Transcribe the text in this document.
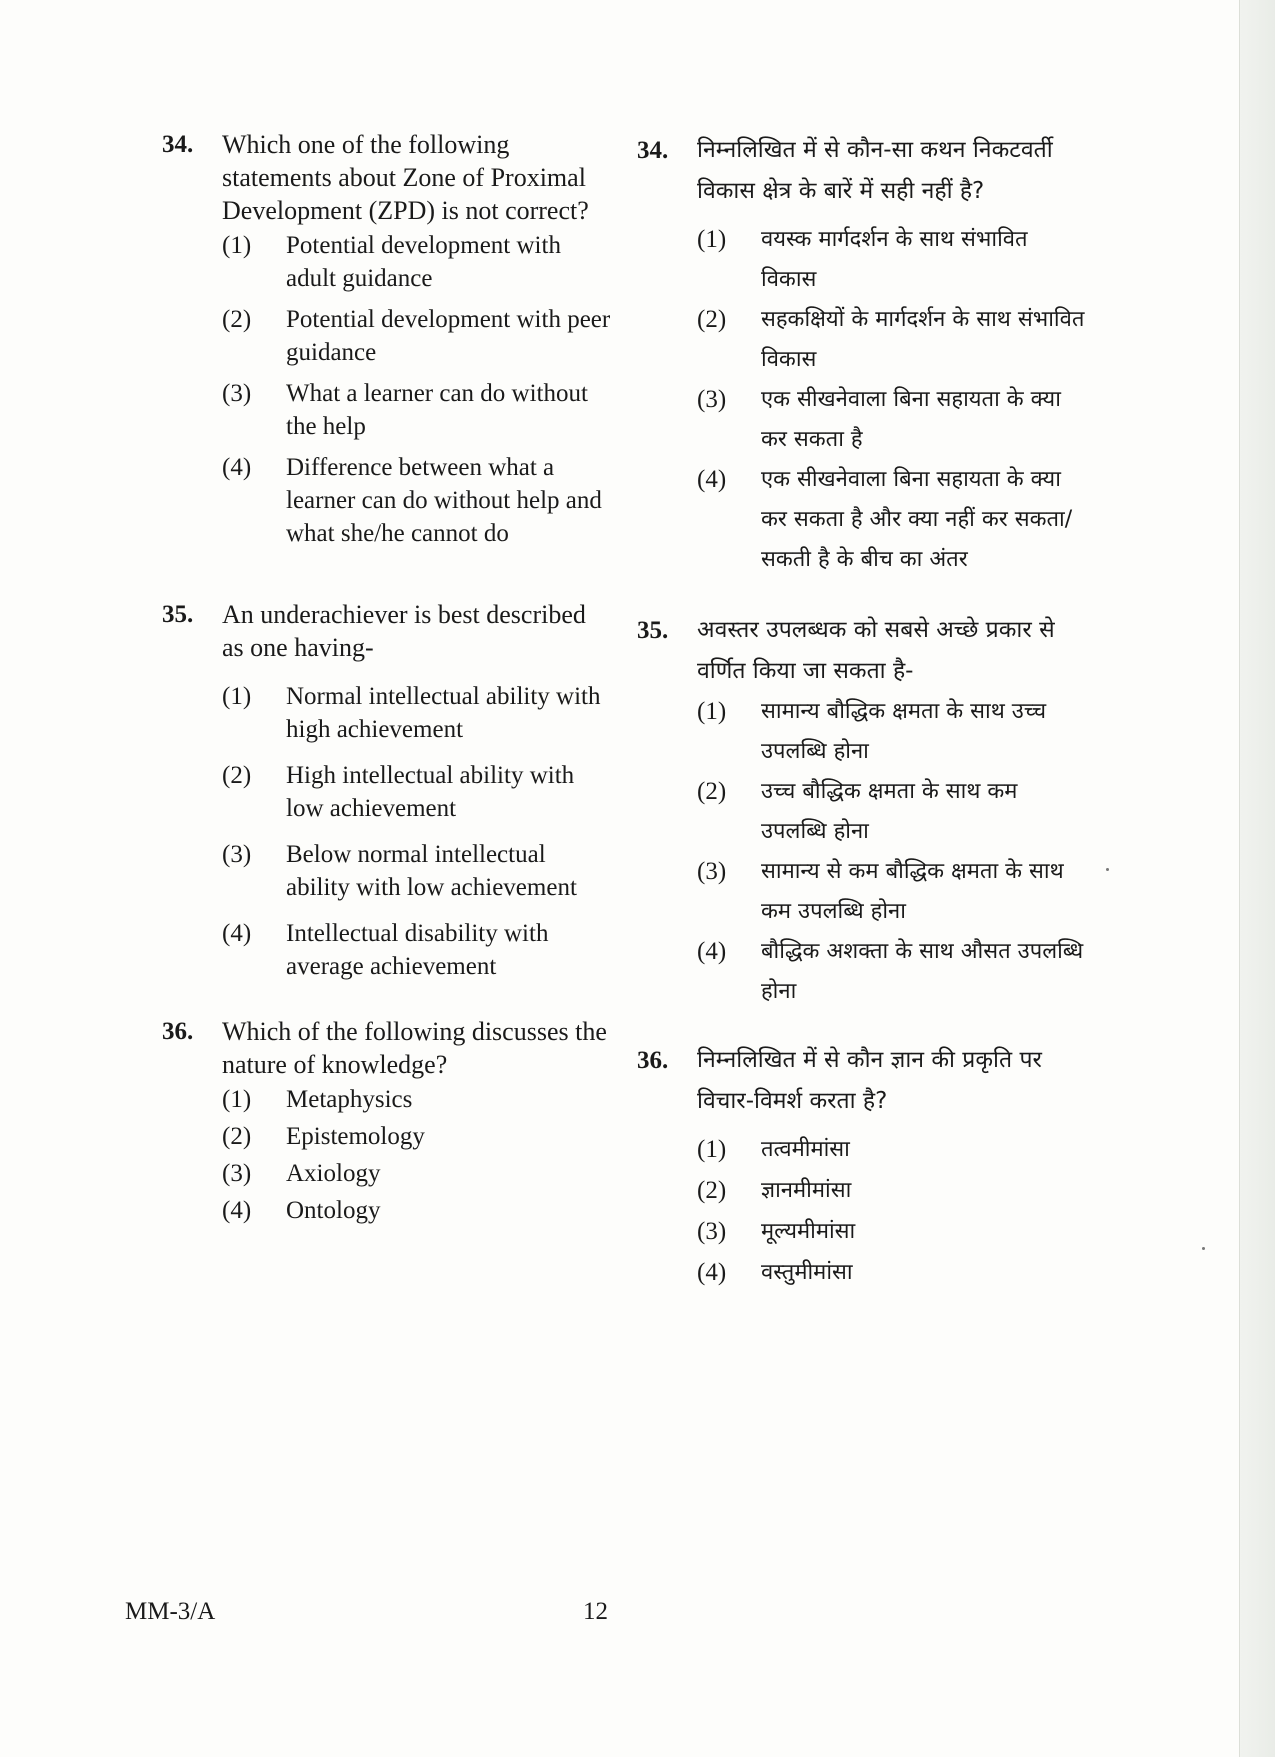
34. Which one of the following statements about Zone of Proximal Development (ZPD) is not correct?
(1) Potential development with adult guidance
(2) Potential development with peer guidance
(3) What a learner can do without the help
(4) Difference between what a learner can do without help and what she/he cannot do
35. An underachiever is best described as one having-
(1) Normal intellectual ability with high achievement
(2) High intellectual ability with low achievement
(3) Below normal intellectual ability with low achievement
(4) Intellectual disability with average achievement
36. Which of the following discusses the nature of knowledge?
(1) Metaphysics
(2) Epistemology
(3) Axiology
(4) Ontology
34. निम्नलिखित में से कौन-सा कथन निकटवर्ती विकास क्षेत्र के बारें में सही नहीं है?
(1) वयस्क मार्गदर्शन के साथ संभावित विकास
(2) सहकक्षियों के मार्गदर्शन के साथ संभावित विकास
(3) एक सीखनेवाला बिना सहायता के क्या कर सकता है
(4) एक सीखनेवाला बिना सहायता के क्या कर सकता है और क्या नहीं कर सकता/सकती है के बीच का अंतर
35. अवस्तर उपलब्धक को सबसे अच्छे प्रकार से वर्णित किया जा सकता है-
(1) सामान्य बौद्धिक क्षमता के साथ उच्च उपलब्धि होना
(2) उच्च बौद्धिक क्षमता के साथ कम उपलब्धि होना
(3) सामान्य से कम बौद्धिक क्षमता के साथ कम उपलब्धि होना
(4) बौद्धिक अशक्ता के साथ औसत उपलब्धि होना
36. निम्नलिखित में से कौन ज्ञान की प्रकृति पर विचार-विमर्श करता है?
(1) तत्वमीमांसा
(2) ज्ञानमीमांसा
(3) मूल्यमीमांसा
(4) वस्तुमीमांसा
MM-3/A	12
